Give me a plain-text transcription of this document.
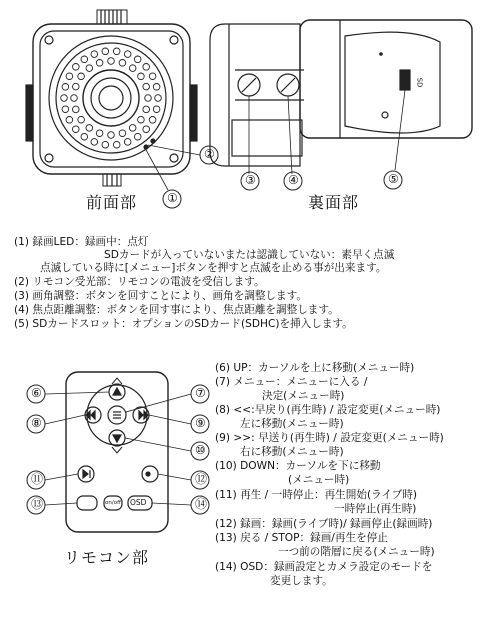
②
①
③	④	⑤
SD
前面部	裏面部
リモコン部
⑥	⑦
⑧	⑨
⑩
⑪	⑫
⑬	⑭
on/off OSD
(1) 録画LED：録画中：点灯
SDカードが入っていないまたは認識していない：素早く点滅
点滅している時に[メニュー]ボタンを押すと点滅を止める事が出来ます。
(2) リモコン受光部：リモコンの電波を受信します。
(3) 画角調整：ボタンを回すことにより、画角を調整します。
(4) 焦点距離調整：ボタンを回す事により、焦点距離を調整します。
(5) SDカードスロット：オプションのSDカード(SDHC)を挿入します。
(6) UP：カーソルを上に移動(メニュー時)
(7) メニュー：メニューに入る /
決定(メニュー時)
(8) <<:早戻り(再生時) / 設定変更(メニュー時)
左に移動(メニュー時)
(9) >>: 早送り(再生時) / 設定変更(メニュー時)
右に移動(メニュー時)
(10) DOWN：カーソルを下に移動
(メニュー時)
(11) 再生 / 一時停止：再生開始(ライブ時)
一時停止(再生時)
(12) 録画：録画(ライブ時)/ 録画停止(録画時)
(13) 戻る / STOP：録画/再生を停止
一つ前の階層に戻る(メニュー時)
(14) OSD：録画設定とカメラ設定のモードを
変更します。
